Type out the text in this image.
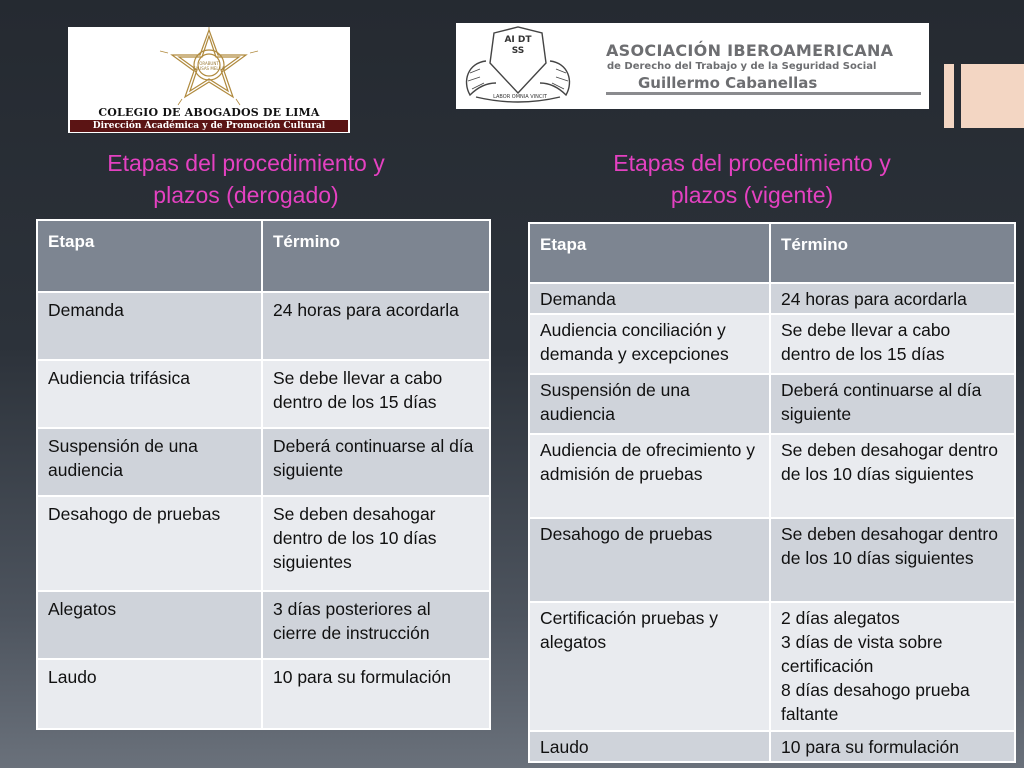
ORABUNT CAUSAS MELIUS
COLEGIO DE ABOGADOS DE LIMA
Dirección Académica y de Promoción Cultural
AI DT SS
LABOR OMNIA VINCIT
ASOCIACIÓN IBEROAMERICANA
de Derecho del Trabajo y de la Seguridad Social
Guillermo Cabanellas
Etapas del procedimiento y
plazos (derogado)
Etapas del procedimiento y
plazos (vigente)
Etapa	Término
Demanda	24 horas para acordarla
Audiencia trifásica	Se debe llevar a cabo dentro de los 15 días
Suspensión de una audiencia	Deberá continuarse al día siguiente
Desahogo de pruebas	Se deben desahogar dentro de los 10 días siguientes
Alegatos	3 días posteriores al cierre de instrucción
Laudo	10 para su formulación
Etapa	Término
Demanda	24 horas para acordarla
Audiencia conciliación y demanda y excepciones	Se debe llevar a cabo dentro de los 15 días
Suspensión de una audiencia	Deberá continuarse al día siguiente
Audiencia de ofrecimiento y admisión de pruebas	Se deben desahogar dentro de los 10 días siguientes
Desahogo de pruebas	Se deben desahogar dentro de los 10 días siguientes
Certificación pruebas y alegatos	2 días alegatos
3 días de vista sobre certificación
8 días desahogo prueba faltante

Laudo	10 para su formulación
